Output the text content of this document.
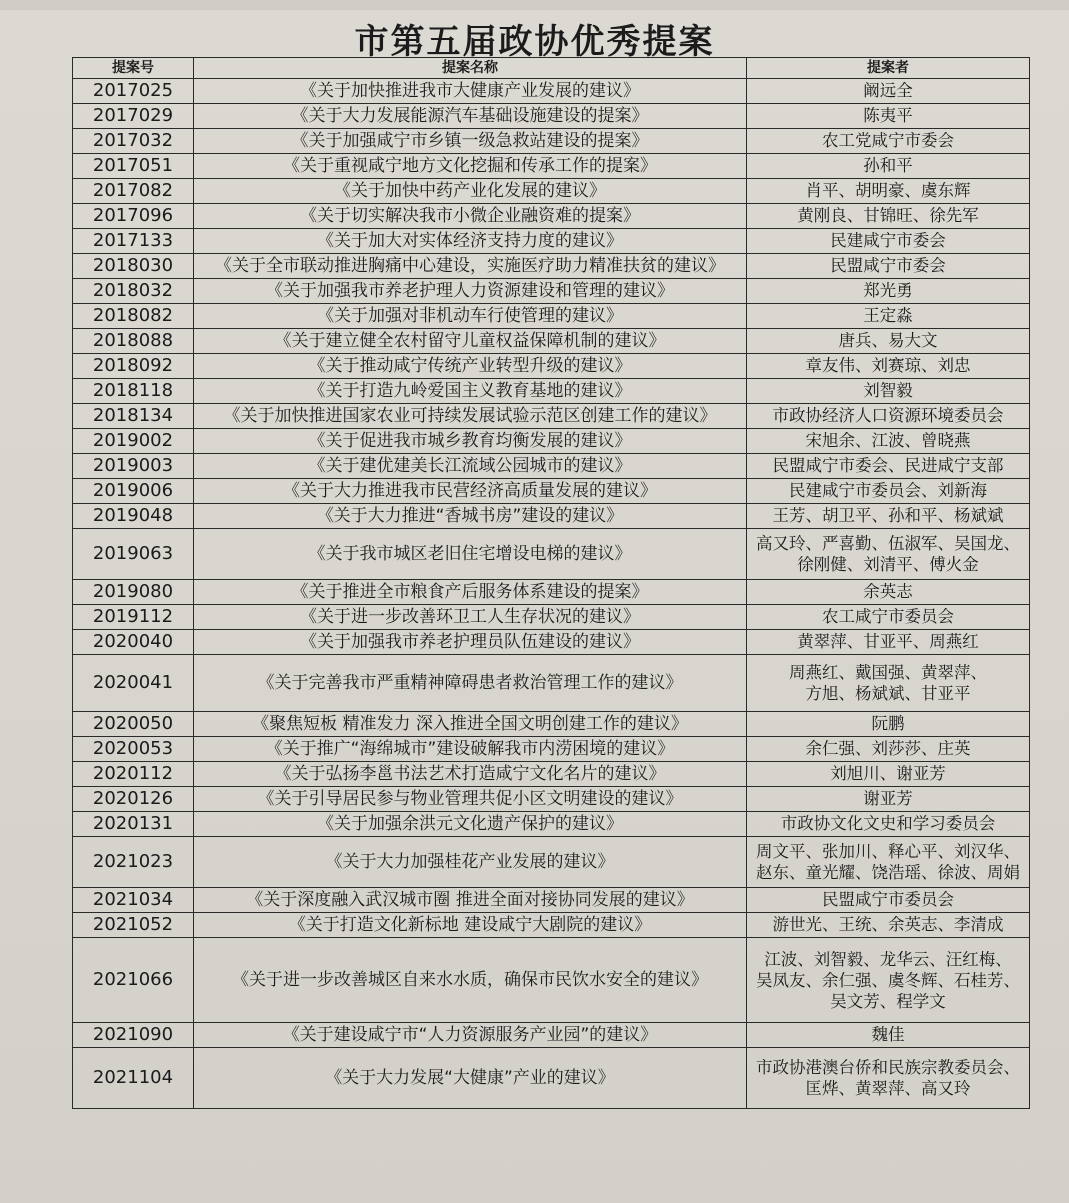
市第五届政协优秀提案
提案号	提案名称	提案者
2017025	《关于加快推进我市大健康产业发展的建议》	阚远全

2017029	《关于大力发展能源汽车基础设施建设的提案》	陈夷平

2017032	《关于加强咸宁市乡镇一级急救站建设的提案》	农工党咸宁市委会

2017051	《关于重视咸宁地方文化挖掘和传承工作的提案》	孙和平

2017082	《关于加快中药产业化发展的建议》	肖平、胡明豪、虞东辉

2017096	《关于切实解决我市小微企业融资难的提案》	黄刚良、甘锦旺、徐先军

2017133	《关于加大对实体经济支持力度的建议》	民建咸宁市委会

2018030	《关于全市联动推进胸痛中心建设，实施医疗助力精准扶贫的建议》	民盟咸宁市委会

2018032	《关于加强我市养老护理人力资源建设和管理的建议》	郑光勇

2018082	《关于加强对非机动车行使管理的建议》	王定淼

2018088	《关于建立健全农村留守儿童权益保障机制的建议》	唐兵、易大文

2018092	《关于推动咸宁传统产业转型升级的建议》	章友伟、刘赛琼、刘忠

2018118	《关于打造九岭爱国主义教育基地的建议》	刘智毅

2018134	《关于加快推进国家农业可持续发展试验示范区创建工作的建议》	市政协经济人口资源环境委员会

2019002	《关于促进我市城乡教育均衡发展的建议》	宋旭余、江波、曾晓燕

2019003	《关于建优建美长江流域公园城市的建议》	民盟咸宁市委会、民进咸宁支部

2019006	《关于大力推进我市民营经济高质量发展的建议》	民建咸宁市委员会、刘新海

2019048	《关于大力推进“香城书房”建设的建议》	王芳、胡卫平、孙和平、杨斌斌

2019063	《关于我市城区老旧住宅增设电梯的建议》	高又玲、严喜勤、伍淑军、吴国龙、
徐刚健、刘清平、傅火金

2019080	《关于推进全市粮食产后服务体系建设的提案》	余英志

2019112	《关于进一步改善环卫工人生存状况的建议》	农工咸宁市委员会

2020040	《关于加强我市养老护理员队伍建设的建议》	黄翠萍、甘亚平、周燕红

2020041	《关于完善我市严重精神障碍患者救治管理工作的建议》	周燕红、戴国强、黄翠萍、
方旭、杨斌斌、甘亚平

2020050	《聚焦短板 精准发力 深入推进全国文明创建工作的建议》	阮鹏

2020053	《关于推广“海绵城市”建设破解我市内涝困境的建议》	余仁强、刘莎莎、庄英

2020112	《关于弘扬李邕书法艺术打造咸宁文化名片的建议》	刘旭川、谢亚芳

2020126	《关于引导居民参与物业管理共促小区文明建设的建议》	谢亚芳

2020131	《关于加强余洪元文化遗产保护的建议》	市政协文化文史和学习委员会

2021023	《关于大力加强桂花产业发展的建议》	周文平、张加川、释心平、刘汉华、
赵东、童光耀、饶浩瑶、徐波、周娟

2021034	《关于深度融入武汉城市圈 推进全面对接协同发展的建议》	民盟咸宁市委员会

2021052	《关于打造文化新标地 建设咸宁大剧院的建议》	游世光、王统、余英志、李清成

2021066	《关于进一步改善城区自来水水质，确保市民饮水安全的建议》	江波、刘智毅、龙华云、汪红梅、
吴凤友、余仁强、虞冬辉、石桂芳、
吴文芳、程学文

2021090	《关于建设咸宁市“人力资源服务产业园”的建议》	魏佳

2021104	《关于大力发展“大健康”产业的建议》	市政协港澳台侨和民族宗教委员会、
匡烨、黄翠萍、高又玲
